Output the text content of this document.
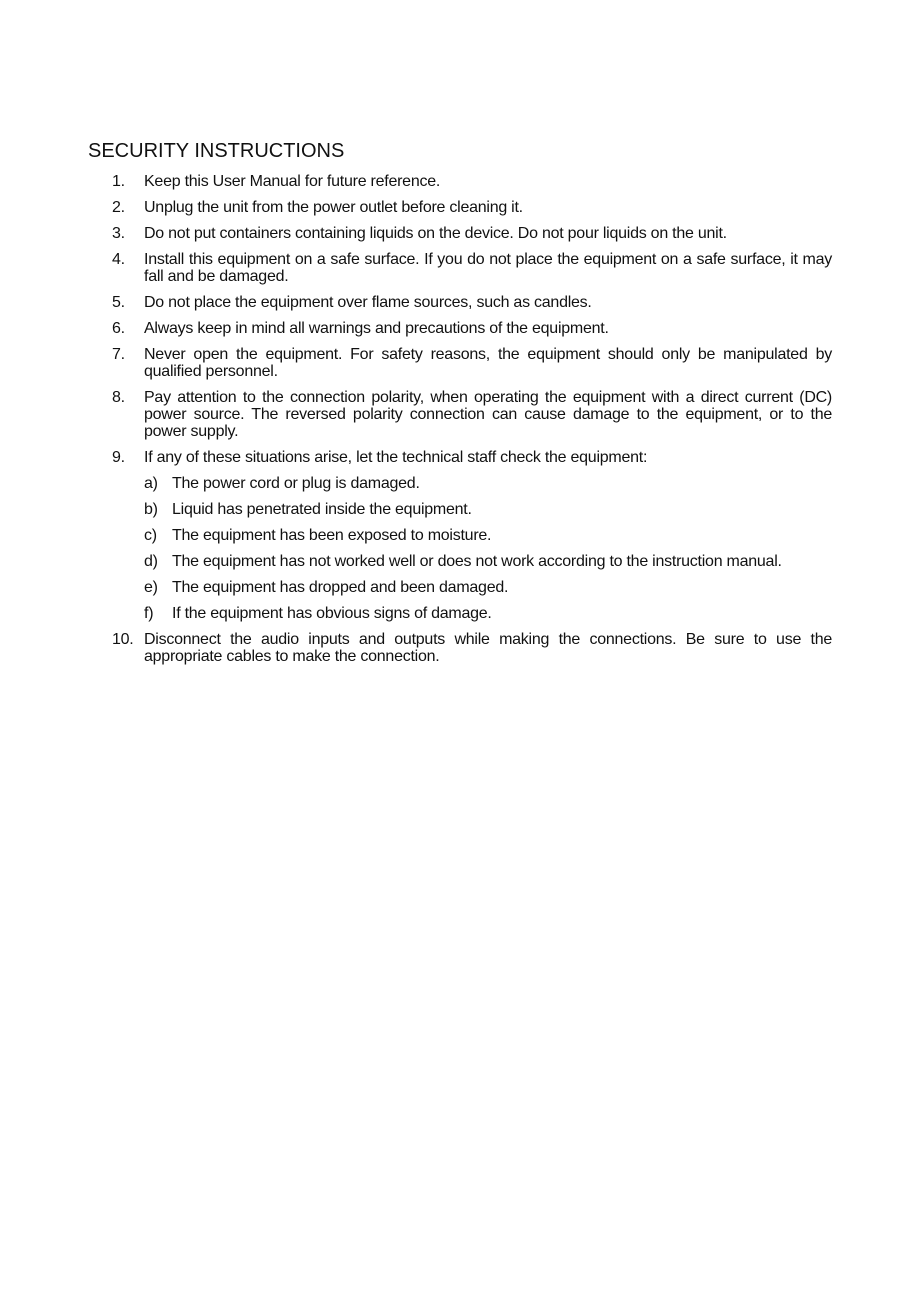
SECURITY INSTRUCTIONS
1.	Keep this User Manual for future reference.
2.	Unplug the unit from the power outlet before cleaning it.
3.	Do not put containers containing liquids on the device. Do not pour liquids on the unit.
4.	Install this equipment on a safe surface. If you do not place the equipment on a safe surface, it may fall and be damaged.
5.	Do not place the equipment over flame sources, such as candles.
6.	Always keep in mind all warnings and precautions of the equipment.
7.	Never open the equipment. For safety reasons, the equipment should only be manipulated by qualified personnel.
8.	Pay attention to the connection polarity, when operating the equipment with a direct current (DC) power source. The reversed polarity connection can cause damage to the equipment, or to the power supply.
9.	If any of these situations arise, let the technical staff check the equipment:
a) The power cord or plug is damaged.
b) Liquid has penetrated inside the equipment.
c) The equipment has been exposed to moisture.
d) The equipment has not worked well or does not work according to the instruction manual.
e) The equipment has dropped and been damaged.
f)	If the equipment has obvious signs of damage.
10. Disconnect the audio inputs and outputs while making the connections. Be sure to use the appropriate cables to make the connection.
